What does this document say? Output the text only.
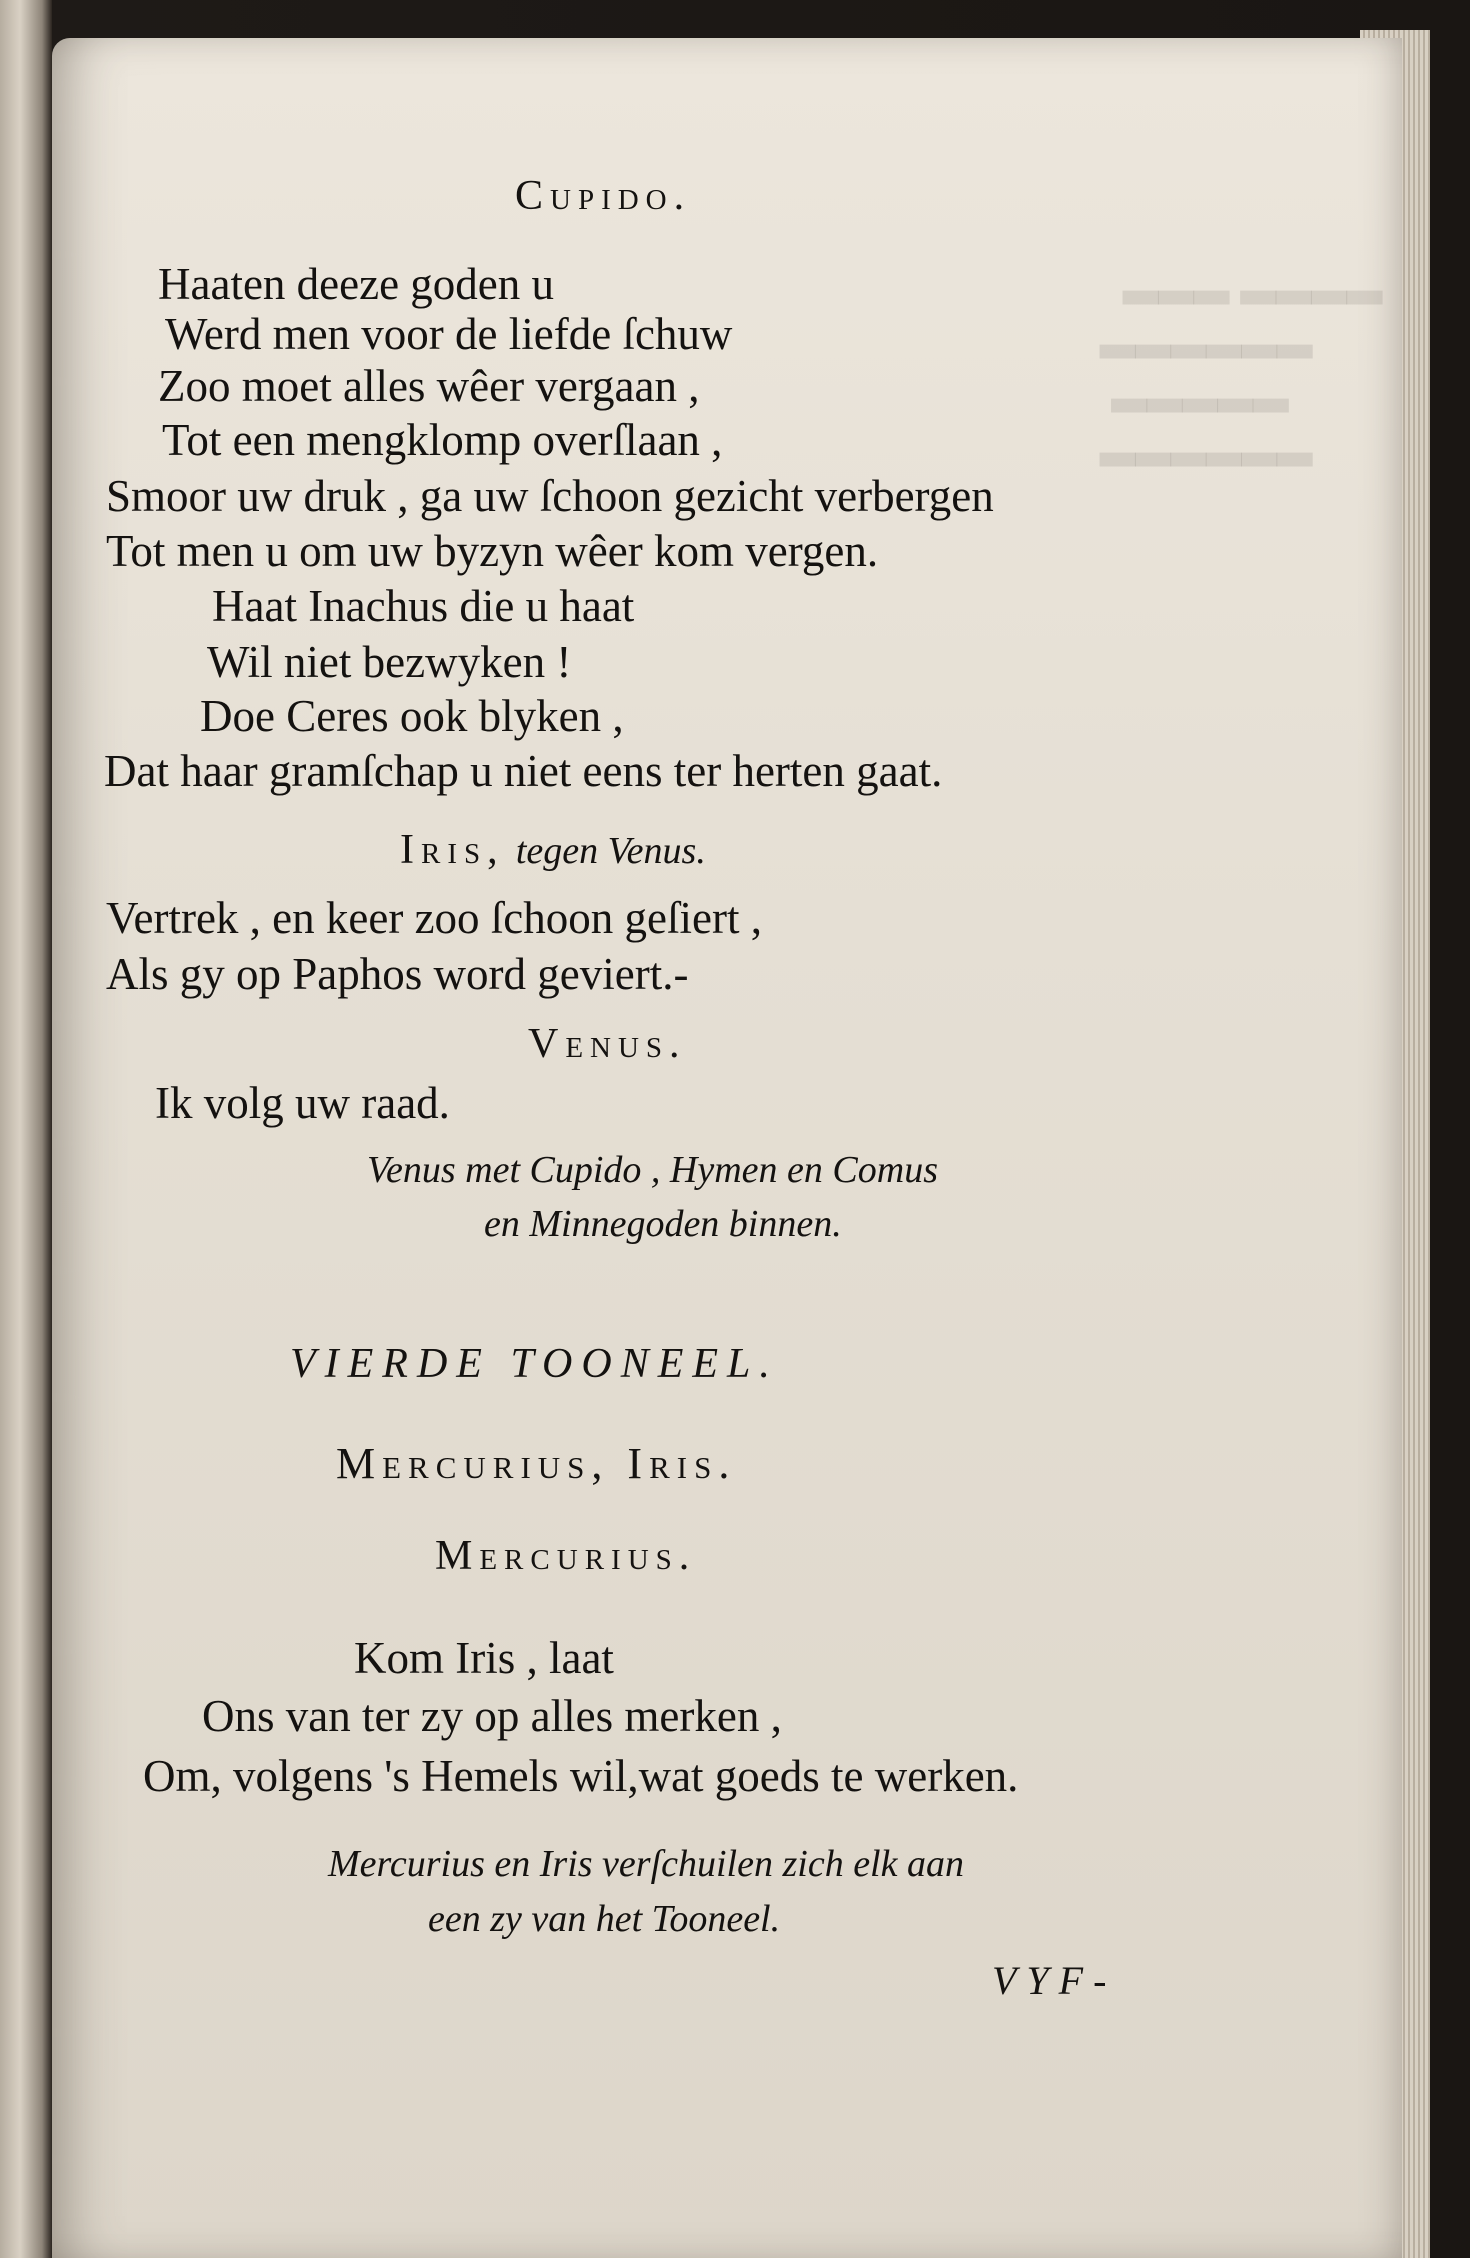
▂▂▂ ▂▂▂▂
▂▂▂▂▂▂
▂▂▂▂▂
▂▂▂▂▂▂
Cupido.
Haaten deeze goden u
Werd men voor de liefde ſchuw
Zoo moet alles wêer vergaan ,
Tot een mengklomp overſlaan ,
Smoor uw druk , ga uw ſchoon gezicht verbergen
Tot men u om uw byzyn wêer kom vergen.
Haat Inachus die u haat
Wil niet bezwyken !
Doe Ceres ook blyken ,
Dat haar gramſchap u niet eens ter herten gaat.
Iris, tegen Venus.
Vertrek , en keer zoo ſchoon geſiert ,
Als gy op Paphos word geviert.-
Venus.
Ik volg uw raad.
Venus met Cupido , Hymen en Comus
en Minnegoden binnen.
VIERDE TOONEEL.
Mercurius, Iris.
Mercurius.
Kom Iris , laat
Ons van ter zy op alles merken ,
Om, volgens 's Hemels wil,wat goeds te werken.
Mercurius en Iris verſchuilen zich elk aan
een zy van het Tooneel.
VYF-
